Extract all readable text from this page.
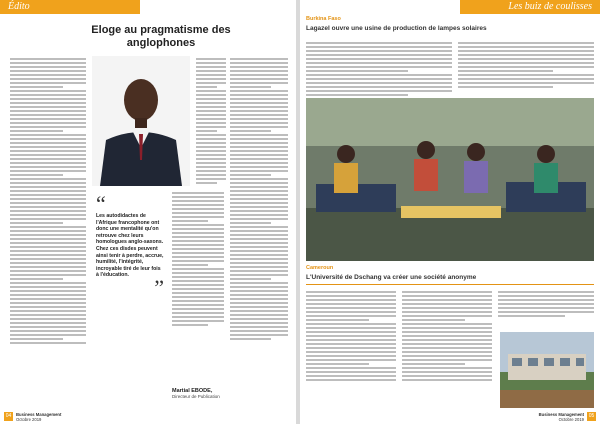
Édito
Eloge au pragmatisme des anglophones
“
Les autodidactes de l'Afrique francophone ont donc une mentalité qu'on retrouve chez leurs homologues anglo-saxons. Chez ces disdes peuvent ainsi tenir à perdre, accrue, humilité, l'intégrité, incroyable tiré de leur fois à l'éducation.	”
Martial EBODE,
Directeur de Publication
04	Business Management
Octobre 2019
Les buiz de coulisses
Burkina Faso
Lagazel ouvre une usine de production de lampes solaires
Cameroun
L'Université de Dschang va créer une société anonyme
Business Management
Octobre 2019
05
